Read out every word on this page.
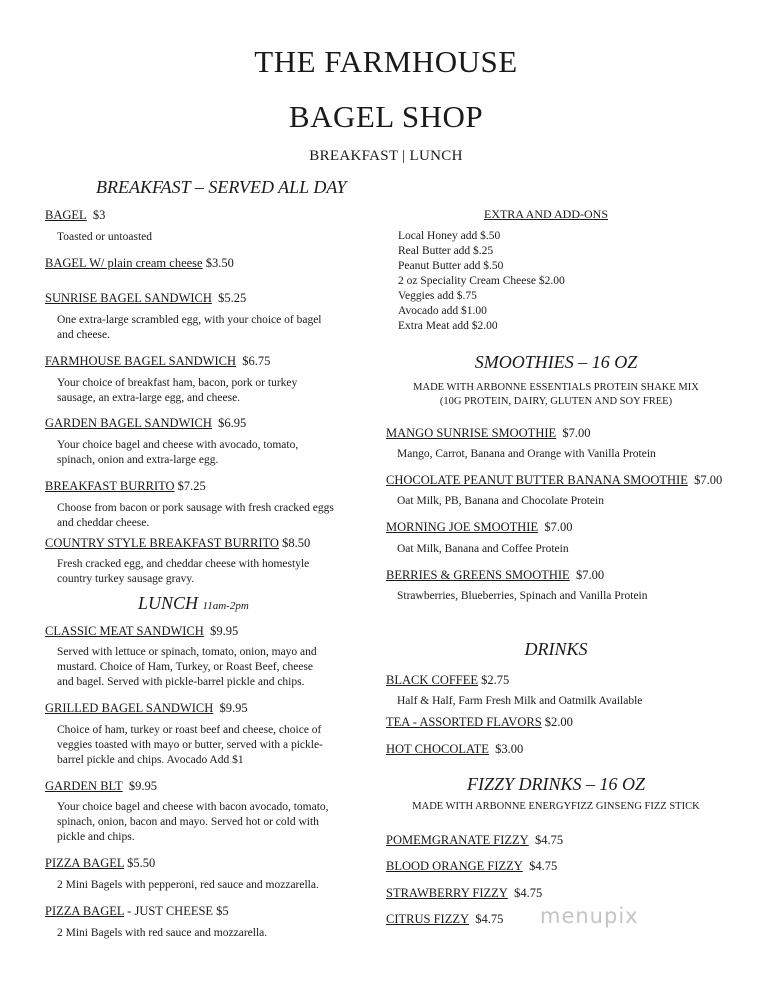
THE FARMHOUSE
BAGEL SHOP
BREAKFAST | LUNCH
BREAKFAST – SERVED ALL DAY
BAGEL $3
Toasted or untoasted
BAGEL W/ plain cream cheese $3.50
SUNRISE BAGEL SANDWICH $5.25
One extra-large scrambled egg, with your choice of bagel
and cheese.
FARMHOUSE BAGEL SANDWICH $6.75
Your choice of breakfast ham, bacon, pork or turkey
sausage, an extra-large egg, and cheese.
GARDEN BAGEL SANDWICH $6.95
Your choice bagel and cheese with avocado, tomato,
spinach, onion and extra-large egg.
BREAKFAST BURRITO $7.25
Choose from bacon or pork sausage with fresh cracked eggs
and cheddar cheese.
COUNTRY STYLE BREAKFAST BURRITO $8.50
Fresh cracked egg, and cheddar cheese with homestyle
country turkey sausage gravy.
LUNCH 11am-2pm
CLASSIC MEAT SANDWICH $9.95
Served with lettuce or spinach, tomato, onion, mayo and
mustard. Choice of Ham, Turkey, or Roast Beef, cheese
and bagel. Served with pickle-barrel pickle and chips.
GRILLED BAGEL SANDWICH $9.95
Choice of ham, turkey or roast beef and cheese, choice of
veggies toasted with mayo or butter, served with a pickle-
barrel pickle and chips. Avocado Add $1
GARDEN BLT $9.95
Your choice bagel and cheese with bacon avocado, tomato,
spinach, onion, bacon and mayo. Served hot or cold with
pickle and chips.
PIZZA BAGEL $5.50
2 Mini Bagels with pepperoni, red sauce and mozzarella.
PIZZA BAGEL - JUST CHEESE $5
2 Mini Bagels with red sauce and mozzarella.
EXTRA AND ADD-ONS
Local Honey add $.50
Real Butter add $.25
Peanut Butter add $.50
2 oz Speciality Cream Cheese $2.00
Veggies add $.75
Avocado add $1.00
Extra Meat add $2.00
SMOOTHIES – 16 OZ
MADE WITH ARBONNE ESSENTIALS PROTEIN SHAKE MIX
(10G PROTEIN, DAIRY, GLUTEN AND SOY FREE)
MANGO SUNRISE SMOOTHIE $7.00
Mango, Carrot, Banana and Orange with Vanilla Protein
CHOCOLATE PEANUT BUTTER BANANA SMOOTHIE $7.00
Oat Milk, PB, Banana and Chocolate Protein
MORNING JOE SMOOTHIE $7.00
Oat Milk, Banana and Coffee Protein
BERRIES & GREENS SMOOTHIE $7.00
Strawberries, Blueberries, Spinach and Vanilla Protein
DRINKS
BLACK COFFEE $2.75
Half & Half, Farm Fresh Milk and Oatmilk Available
TEA - ASSORTED FLAVORS $2.00
HOT CHOCOLATE $3.00
FIZZY DRINKS – 16 OZ
MADE WITH ARBONNE ENERGYFIZZ GINSENG FIZZ STICK
POMEMGRANATE FIZZY $4.75
BLOOD ORANGE FIZZY $4.75
STRAWBERRY FIZZY $4.75
CITRUS FIZZY $4.75 menupix
